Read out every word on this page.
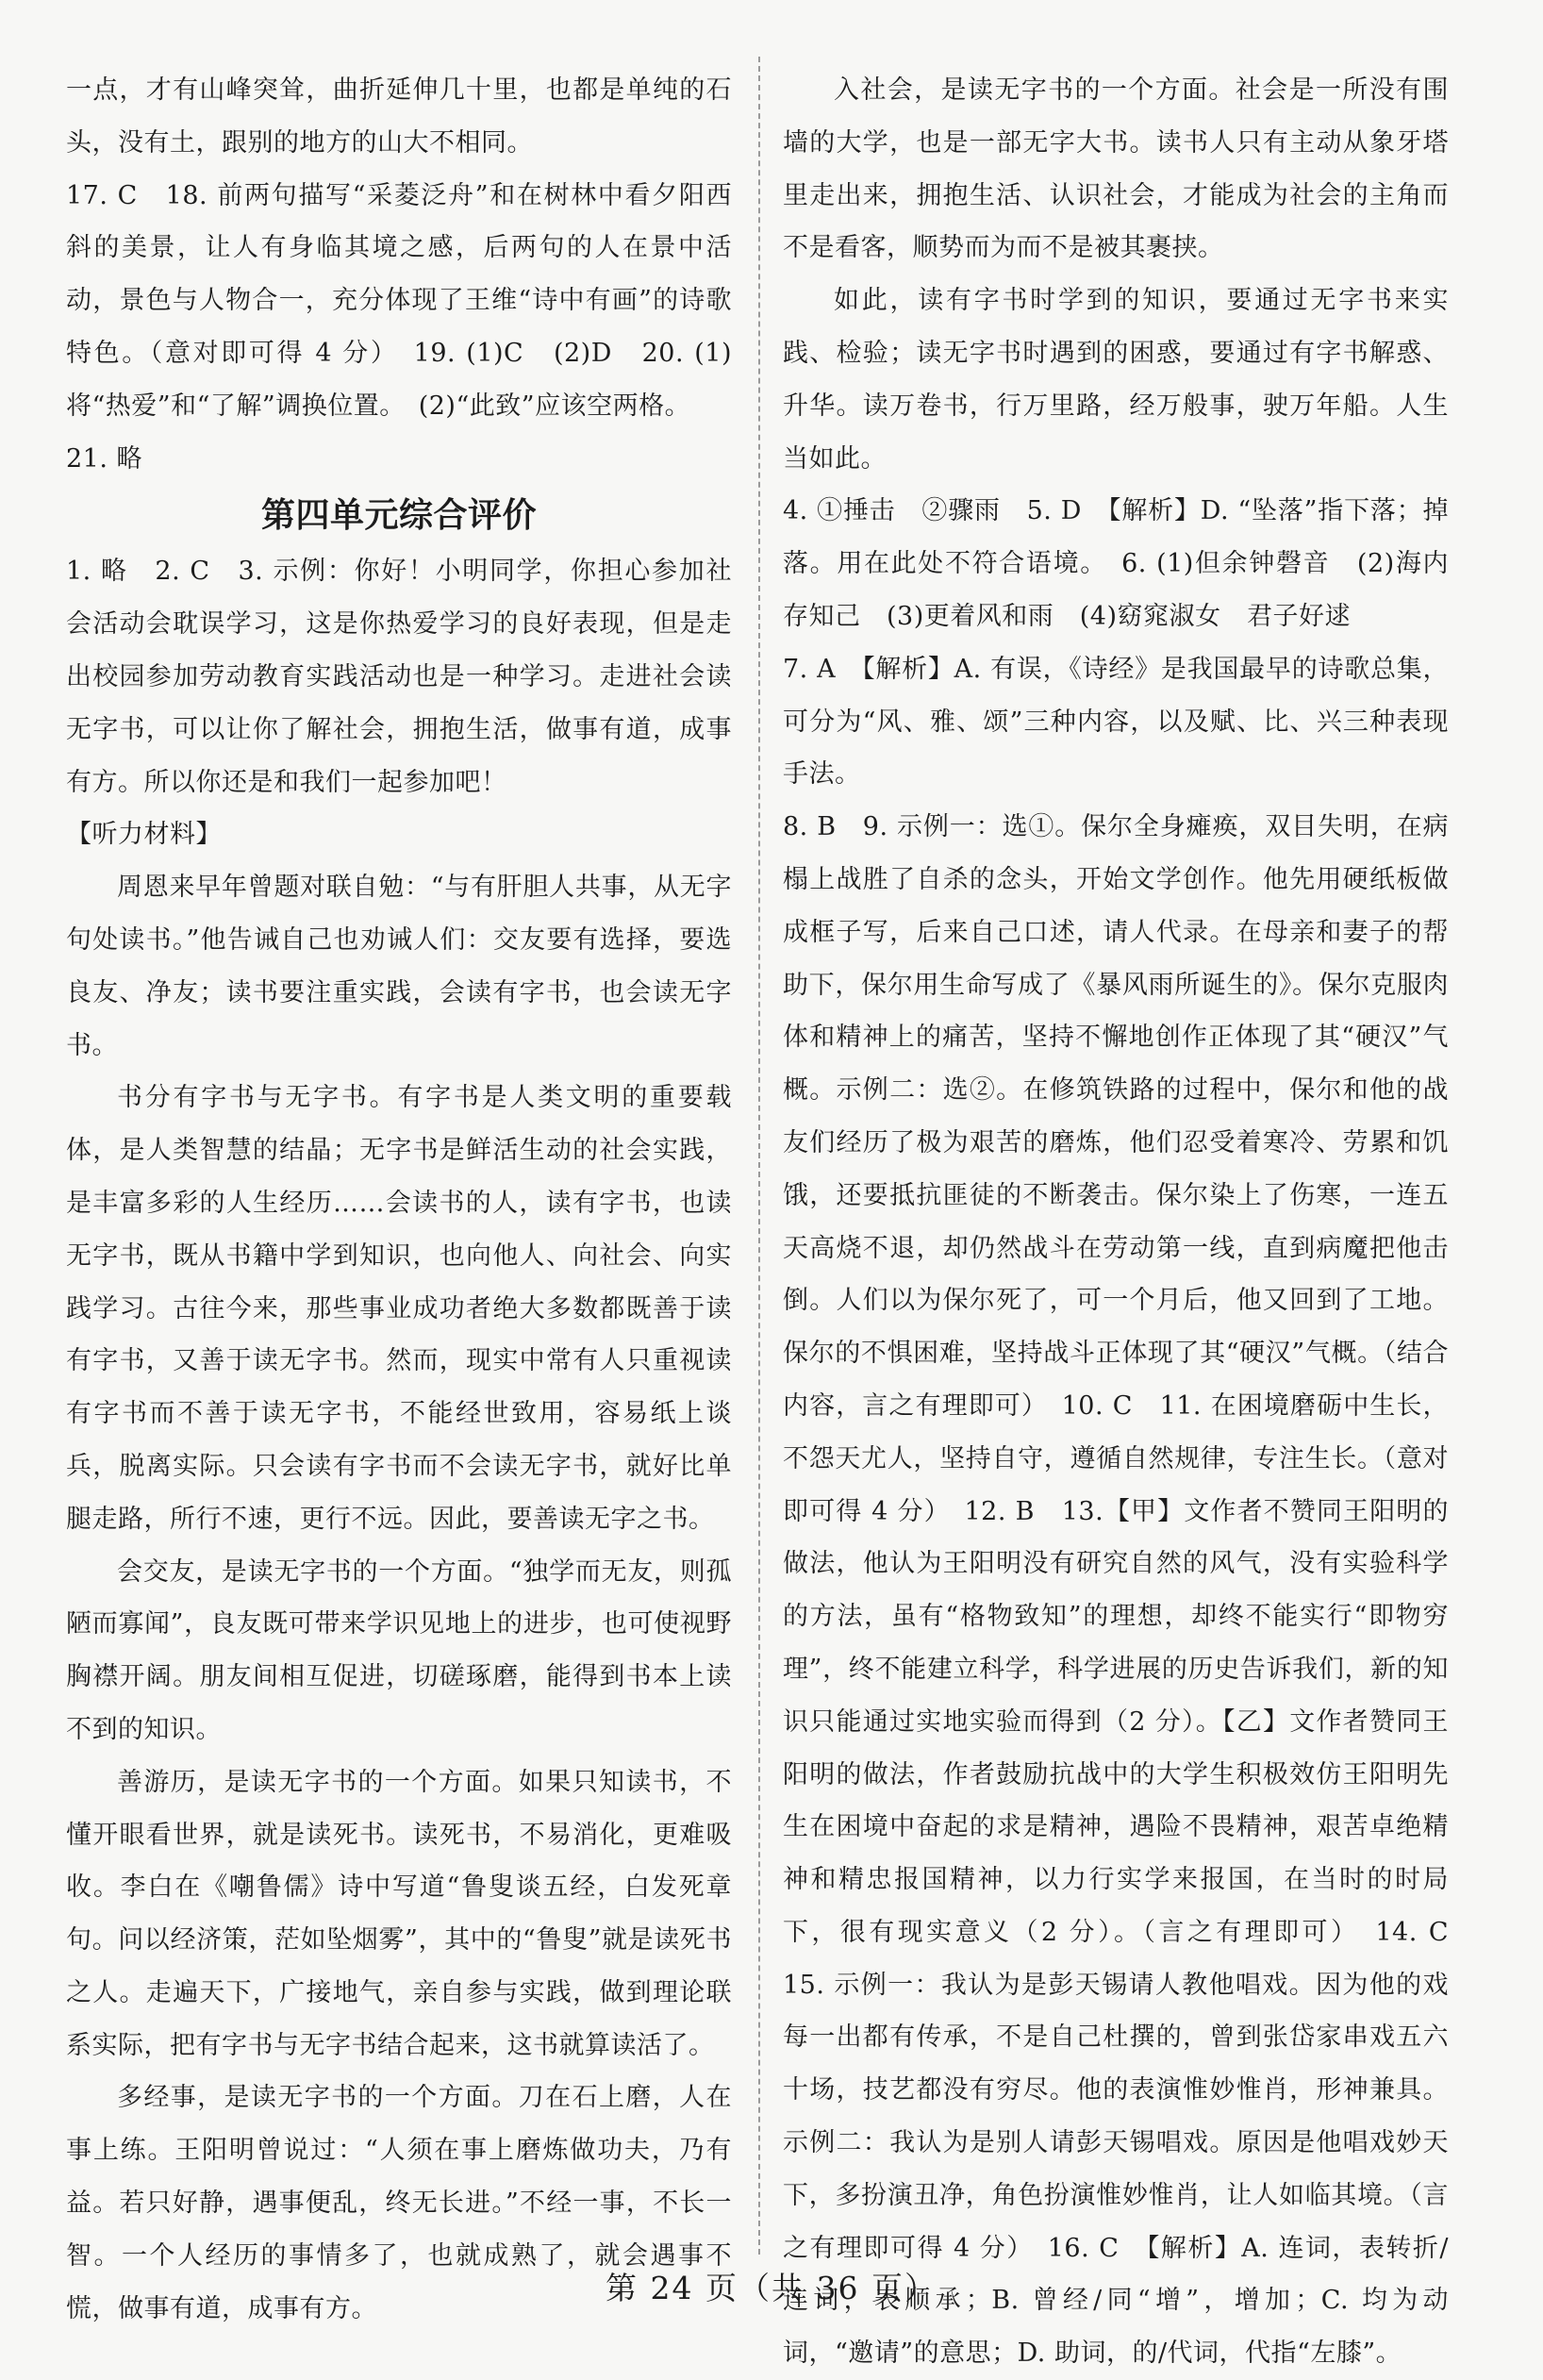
一点，才有山峰突耸，曲折延伸几十里，也都是单纯的石头，没有土，跟别的地方的山大不相同。

17. C　18. 前两句描写“采菱泛舟”和在树林中看夕阳西斜的美景，让人有身临其境之感，后两句的人在景中活动，景色与人物合一，充分体现了王维“诗中有画”的诗歌特色。（意对即可得 4 分）　19. (1)C　(2)D　20. (1)将“热爱”和“了解”调换位置。　(2)“此致”应该空两格。

21. 略

第四单元综合评价

1. 略　2. C　3. 示例：你好！小明同学，你担心参加社会活动会耽误学习，这是你热爱学习的良好表现，但是走出校园参加劳动教育实践活动也是一种学习。走进社会读无字书，可以让你了解社会，拥抱生活，做事有道，成事有方。所以你还是和我们一起参加吧！

【听力材料】

周恩来早年曾题对联自勉：“与有肝胆人共事，从无字句处读书。”他告诫自己也劝诫人们：交友要有选择，要选良友、净友；读书要注重实践，会读有字书，也会读无字书。

书分有字书与无字书。有字书是人类文明的重要载体，是人类智慧的结晶；无字书是鲜活生动的社会实践，是丰富多彩的人生经历……会读书的人，读有字书，也读无字书，既从书籍中学到知识，也向他人、向社会、向实践学习。古往今来，那些事业成功者绝大多数都既善于读有字书，又善于读无字书。然而，现实中常有人只重视读有字书而不善于读无字书，不能经世致用，容易纸上谈兵，脱离实际。只会读有字书而不会读无字书，就好比单腿走路，所行不速，更行不远。因此，要善读无字之书。

会交友，是读无字书的一个方面。“独学而无友，则孤陋而寡闻”，良友既可带来学识见地上的进步，也可使视野胸襟开阔。朋友间相互促进，切磋琢磨，能得到书本上读不到的知识。

善游历，是读无字书的一个方面。如果只知读书，不懂开眼看世界，就是读死书。读死书，不易消化，更难吸收。李白在《嘲鲁儒》诗中写道“鲁叟谈五经，白发死章句。问以经济策，茫如坠烟雾”，其中的“鲁叟”就是读死书之人。走遍天下，广接地气，亲自参与实践，做到理论联系实际，把有字书与无字书结合起来，这书就算读活了。

多经事，是读无字书的一个方面。刀在石上磨，人在事上练。王阳明曾说过：“人须在事上磨炼做功夫，乃有益。若只好静，遇事便乱，终无长进。”不经一事，不长一智。一个人经历的事情多了，也就成熟了，就会遇事不慌，做事有道，成事有方。

入社会，是读无字书的一个方面。社会是一所没有围墙的大学，也是一部无字大书。读书人只有主动从象牙塔里走出来，拥抱生活、认识社会，才能成为社会的主角而不是看客，顺势而为而不是被其裹挟。

如此，读有字书时学到的知识，要通过无字书来实践、检验；读无字书时遇到的困惑，要通过有字书解惑、升华。读万卷书，行万里路，经万般事，驶万年船。人生当如此。

4. ①捶击　②骤雨　5. D　【解析】D. “坠落”指下落；掉落。用在此处不符合语境。　6. (1)但余钟磬音　(2)海内存知己　(3)更着风和雨　(4)窈窕淑女　君子好逑

7. A　【解析】A. 有误，《诗经》是我国最早的诗歌总集，可分为“风、雅、颂”三种内容，以及赋、比、兴三种表现手法。

8. B　9. 示例一：选①。保尔全身瘫痪，双目失明，在病榻上战胜了自杀的念头，开始文学创作。他先用硬纸板做成框子写，后来自己口述，请人代录。在母亲和妻子的帮助下，保尔用生命写成了《暴风雨所诞生的》。保尔克服肉体和精神上的痛苦，坚持不懈地创作正体现了其“硬汉”气概。示例二：选②。在修筑铁路的过程中，保尔和他的战友们经历了极为艰苦的磨炼，他们忍受着寒冷、劳累和饥饿，还要抵抗匪徒的不断袭击。保尔染上了伤寒，一连五天高烧不退，却仍然战斗在劳动第一线，直到病魔把他击倒。人们以为保尔死了，可一个月后，他又回到了工地。保尔的不惧困难，坚持战斗正体现了其“硬汉”气概。（结合内容，言之有理即可）　10. C　11. 在困境磨砺中生长，不怨天尤人，坚持自守，遵循自然规律，专注生长。（意对即可得 4 分）　12. B　13.【甲】文作者不赞同王阳明的做法，他认为王阳明没有研究自然的风气，没有实验科学的方法，虽有“格物致知”的理想，却终不能实行“即物穷理”，终不能建立科学，科学进展的历史告诉我们，新的知识只能通过实地实验而得到（2 分）。【乙】文作者赞同王阳明的做法，作者鼓励抗战中的大学生积极效仿王阳明先生在困境中奋起的求是精神，遇险不畏精神，艰苦卓绝精神和精忠报国精神，以力行实学来报国，在当时的时局下，很有现实意义（2 分）。（言之有理即可）　14. C　15. 示例一：我认为是彭天锡请人教他唱戏。因为他的戏每一出都有传承，不是自己杜撰的，曾到张岱家串戏五六十场，技艺都没有穷尽。他的表演惟妙惟肖，形神兼具。示例二：我认为是别人请彭天锡唱戏。原因是他唱戏妙天下，多扮演丑净，角色扮演惟妙惟肖，让人如临其境。（言之有理即可得 4 分）　16. C　【解析】A. 连词，表转折/连词，表顺承；B. 曾经/同“增”，增加；C. 均为动词，“邀请”的意思；D. 助词，的/代词，代指“左膝”。

第 24 页（共 36 页）
